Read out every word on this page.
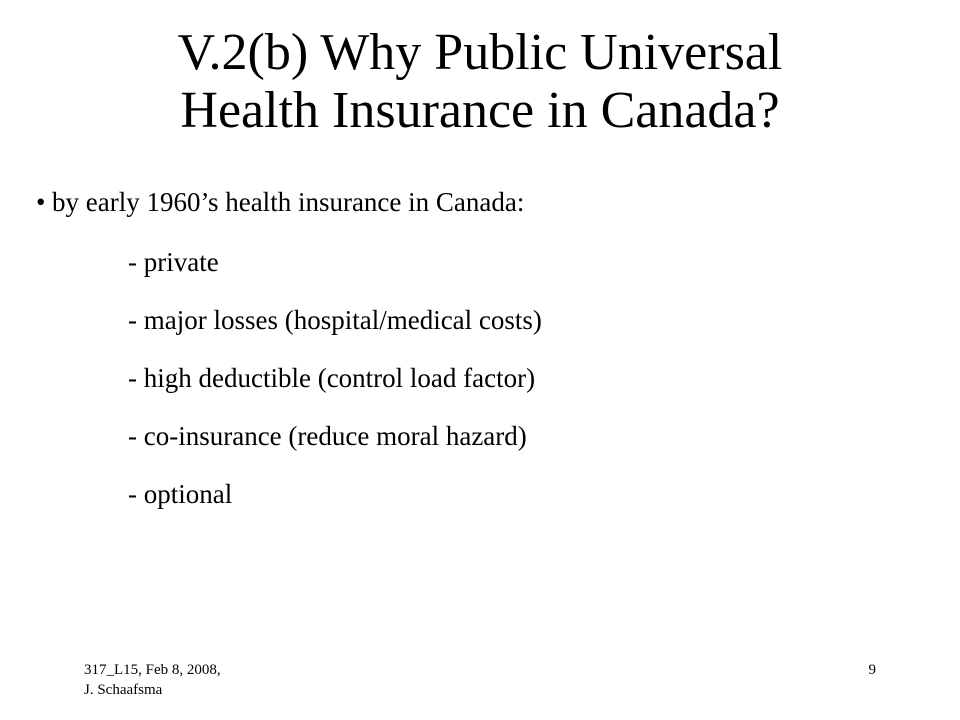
V.2(b) Why Public Universal
Health Insurance in Canada?
• by early 1960’s health insurance in Canada:
- private
- major losses (hospital/medical costs)
- high deductible (control load factor)
- co-insurance (reduce moral hazard)
- optional
317_L15, Feb 8, 2008,
J. Schaafsma
9
